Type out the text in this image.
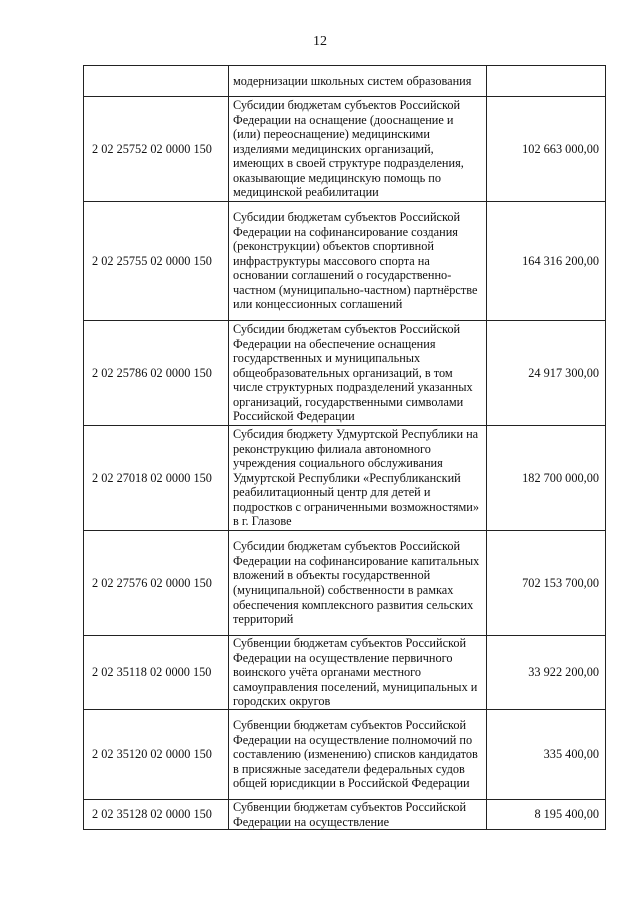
12
	модернизации школьных систем образования	
2 02 25752 02 0000 150	Субсидии бюджетам субъектов Российской Федерации на оснащение (дооснащение и (или) переоснащение) медицинскими изделиями медицинских организаций, имеющих в своей структуре подразделения, оказывающие медицинскую помощь по медицинской реабилитации	102 663 000,00
2 02 25755 02 0000 150	Субсидии бюджетам субъектов Российской Федерации на софинансирование создания (реконструкции) объектов спортивной инфраструктуры массового спорта на основании соглашений о государственно-частном (муниципально-частном) партнёрстве или концессионных соглашений	164 316 200,00
2 02 25786 02 0000 150	Субсидии бюджетам субъектов Российской Федерации на обеспечение оснащения государственных и муниципальных общеобразовательных организаций, в том числе структурных подразделений указанных организаций, государственными символами Российской Федерации	24 917 300,00
2 02 27018 02 0000 150	Субсидия бюджету Удмуртской Республики на реконструкцию филиала автономного учреждения социального обслуживания Удмуртской Республики «Республиканский реабилитационный центр для детей и подростков с ограниченными возможностями» в г. Глазове	182 700 000,00
2 02 27576 02 0000 150	Субсидии бюджетам субъектов Российской Федерации на софинансирование капитальных вложений в объекты государственной (муниципальной) собственности в рамках обеспечения комплексного развития сельских территорий	702 153 700,00
2 02 35118 02 0000 150	Субвенции бюджетам субъектов Российской Федерации на осуществление первичного воинского учёта органами местного самоуправления поселений, муниципальных и городских округов	33 922 200,00
2 02 35120 02 0000 150	Субвенции бюджетам субъектов Российской Федерации на осуществление полномочий по составлению (изменению) списков кандидатов в присяжные заседатели федеральных судов общей юрисдикции в Российской Федерации	335 400,00
2 02 35128 02 0000 150	Субвенции бюджетам субъектов Российской Федерации на осуществление	8 195 400,00
